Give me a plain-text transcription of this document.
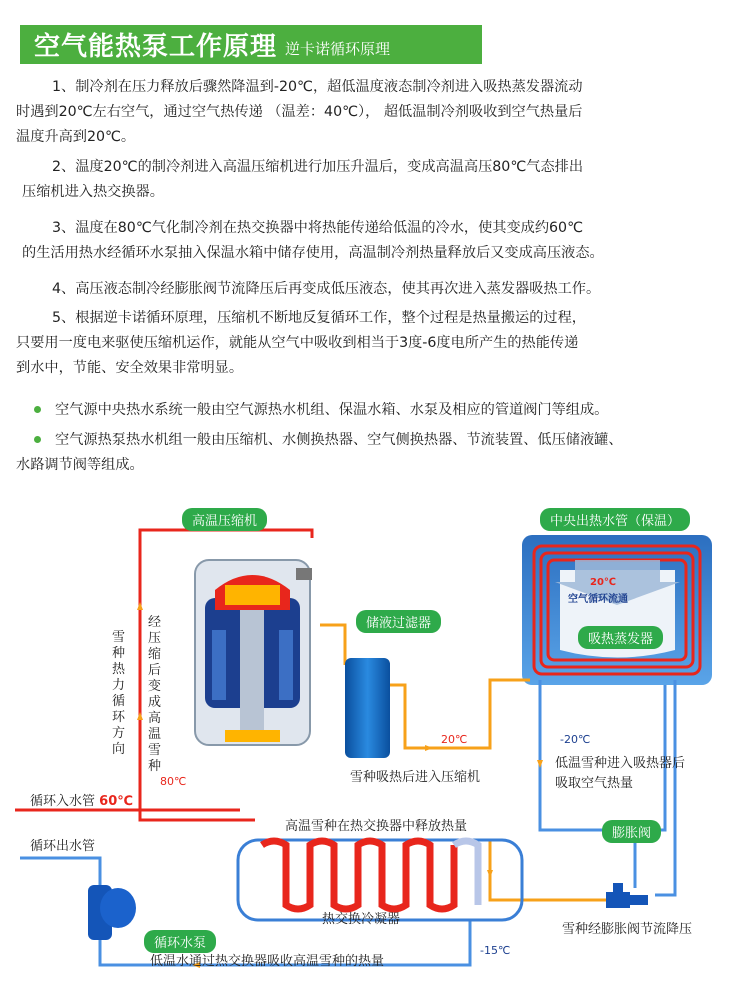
空气能热泵工作原理 逆卡诺循环原理

1、制冷剂在压力释放后骤然降温到-20℃，超低温度液态制冷剂进入吸热蒸发器流动

时遇到20℃左右空气，通过空气热传递 （温差：40℃）， 超低温制冷剂吸收到空气热量后

温度升高到20℃。

2、温度20℃的制冷剂进入高温压缩机进行加压升温后，变成高温高压80℃气态排出

压缩机进入热交换器。

3、温度在80℃气化制冷剂在热交换器中将热能传递给低温的冷水，使其变成约60℃

的生活用热水经循环水泵抽入保温水箱中储存使用，高温制冷剂热量释放后又变成高压液态。

4、高压液态制冷经膨胀阀节流降压后再变成低压液态，使其再次进入蒸发器吸热工作。

5、根据逆卡诺循环原理，压缩机不断地反复循环工作，整个过程是热量搬运的过程，

只要用一度电来驱使压缩机运作，就能从空气中吸收到相当于3度-6度电所产生的热能传递

到水中，节能、安全效果非常明显。

空气源中央热水系统一般由空气源热水机组、保温水箱、水泵及相应的管道阀门等组成。
空气源热泵热水机组一般由压缩机、水侧换热器、空气侧换热器、节流装置、低压储液罐、
水路调节阀等组成。
高温压缩机
储液过滤器
中央出热水管（保温）
吸热蒸发器
膨胀阀
循环水泵
20℃
空气循环流通
20℃
80℃
-20℃
-15℃
循环入水管 60℃
循环出水管
经压缩后变成高温雪种
雪种热力循环方向
高温雪种在热交换器中释放热量
热交换冷凝器
雪种吸热后进入压缩机
低温雪种进入吸热器后
吸取空气热量
雪种经膨胀阀节流降压
低温水通过热交换器吸收高温雪种的热量
